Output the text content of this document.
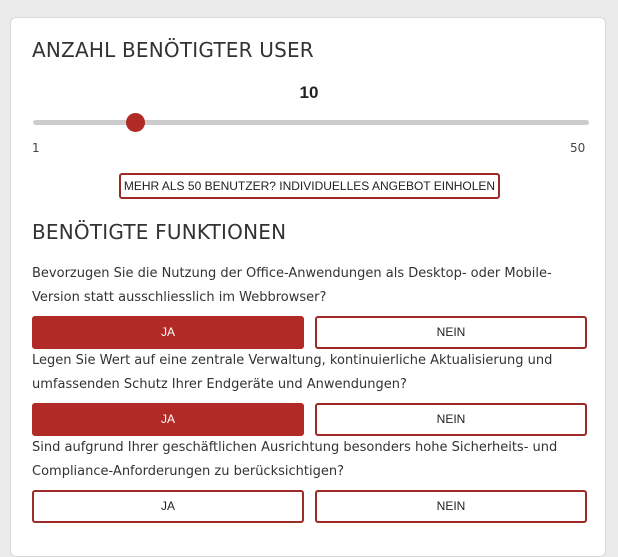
ANZAHL BENÖTIGTER USER
10
1	50
MEHR ALS 50 BENUTZER? INDIVIDUELLES ANGEBOT EINHOLEN
BENÖTIGTE FUNKTIONEN
Bevorzugen Sie die Nutzung der Office-Anwendungen als Desktop- oder Mobile-Version statt ausschliesslich im Webbrowser?
JA	NEIN
Legen Sie Wert auf eine zentrale Verwaltung, kontinuierliche Aktualisierung und umfassenden Schutz Ihrer Endgeräte und Anwendungen?
JA	NEIN
Sind aufgrund Ihrer geschäftlichen Ausrichtung besonders hohe Sicherheits- und Compliance-Anforderungen zu berücksichtigen?
JA	NEIN
